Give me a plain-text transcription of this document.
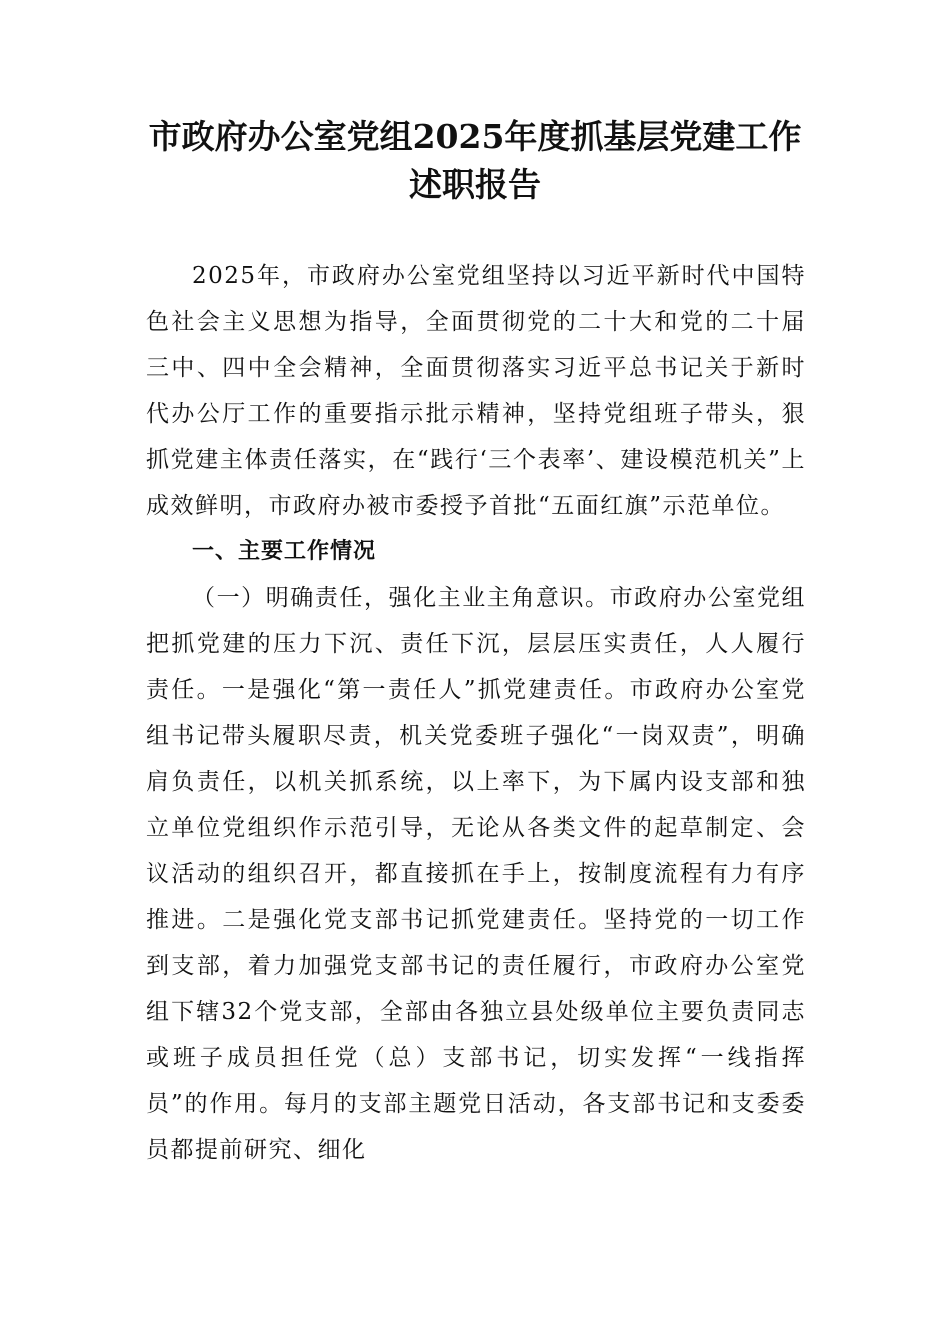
市政府办公室党组2025年度抓基层党建工作述职报告

2025年，市政府办公室党组坚持以习近平新时代中国特色社会主义思想为指导，全面贯彻党的二十大和党的二十届三中、四中全会精神，全面贯彻落实习近平总书记关于新时代办公厅工作的重要指示批示精神，坚持党组班子带头，狠抓党建主体责任落实，在“践行‘三个表率’、建设模范机关”上成效鲜明，市政府办被市委授予首批“五面红旗”示范单位。

一、主要工作情况

（一）明确责任，强化主业主角意识。市政府办公室党组把抓党建的压力下沉、责任下沉，层层压实责任，人人履行责任。一是强化“第一责任人”抓党建责任。市政府办公室党组书记带头履职尽责，机关党委班子强化“一岗双责”，明确肩负责任，以机关抓系统，以上率下，为下属内设支部和独立单位党组织作示范引导，无论从各类文件的起草制定、会议活动的组织召开，都直接抓在手上，按制度流程有力有序推进。二是强化党支部书记抓党建责任。坚持党的一切工作到支部，着力加强党支部书记的责任履行，市政府办公室党组下辖32个党支部，全部由各独立县处级单位主要负责同志或班子成员担任党（总）支部书记，切实发挥“一线指挥员”的作用。每月的支部主题党日活动，各支部书记和支委委员都提前研究、细化
